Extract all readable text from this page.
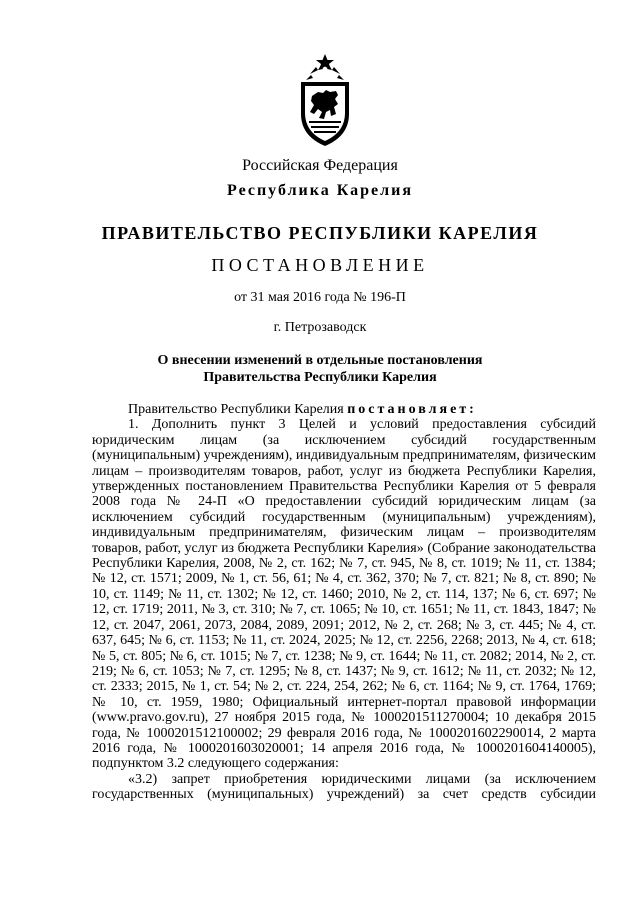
Российская Федерация
Республика Карелия
ПРАВИТЕЛЬСТВО РЕСПУБЛИКИ КАРЕЛИЯ
ПОСТАНОВЛЕНИЕ
от 31 мая 2016 года № 196-П
г. Петрозаводск
О внесении изменений в отдельные постановления
Правительства Республики Карелия

Правительство Республики Карелия постановляет:

1. Дополнить пункт 3 Целей и условий предоставления субсидий юридическим лицам (за исключением субсидий государственным (муниципальным) учреждениям), индивидуальным предпринимателям, физическим лицам – производителям товаров, работ, услуг из бюджета Республики Карелия, утвержденных постановлением Правительства Республики Карелия от 5 февраля 2008 года № 24-П «О предоставлении субсидий юридическим лицам (за исключением субсидий государственным (муниципальным) учреждениям), индивидуальным предпринимателям, физическим лицам – производителям товаров, работ, услуг из бюджета Республики Карелия» (Собрание законодательства Республики Карелия, 2008, № 2, ст. 162; № 7, ст. 945, № 8, ст. 1019; № 11, ст. 1384; № 12, ст. 1571; 2009, № 1, ст. 56, 61; № 4, ст. 362, 370; № 7, ст. 821; № 8, ст. 890; № 10, ст. 1149; № 11, ст. 1302; № 12, ст. 1460; 2010, № 2, ст. 114, 137; № 6, ст. 697; № 12, ст. 1719; 2011, № 3, ст. 310; № 7, ст. 1065; № 10, ст. 1651; № 11, ст. 1843, 1847; № 12, ст. 2047, 2061, 2073, 2084, 2089, 2091; 2012, № 2, ст. 268; № 3, ст. 445; № 4, ст. 637, 645; № 6, ст. 1153; № 11, ст. 2024, 2025; № 12, ст. 2256, 2268; 2013, № 4, ст. 618; № 5, ст. 805; № 6, ст. 1015; № 7, ст. 1238; № 9, ст. 1644; № 11, ст. 2082; 2014, № 2, ст. 219; № 6, ст. 1053; № 7, ст. 1295; № 8, ст. 1437; № 9, ст. 1612; № 11, ст. 2032; № 12, ст. 2333; 2015, № 1, ст. 54; № 2, ст. 224, 254, 262; № 6, ст. 1164; № 9, ст. 1764, 1769; № 10, ст. 1959, 1980; Официальный интернет-портал правовой информации (www.pravo.gov.ru), 27 ноября 2015 года, № 1000201511270004; 10 декабря 2015 года, № 1000201512100002; 29 февраля 2016 года, № 1000201602290014, 2 марта 2016 года, № 1000201603020001; 14 апреля 2016 года, № 1000201604140005), подпунктом 3.2 следующего содержания:

«3.2) запрет приобретения юридическими лицами (за исключением государственных (муниципальных) учреждений) за счет средств субсидии
